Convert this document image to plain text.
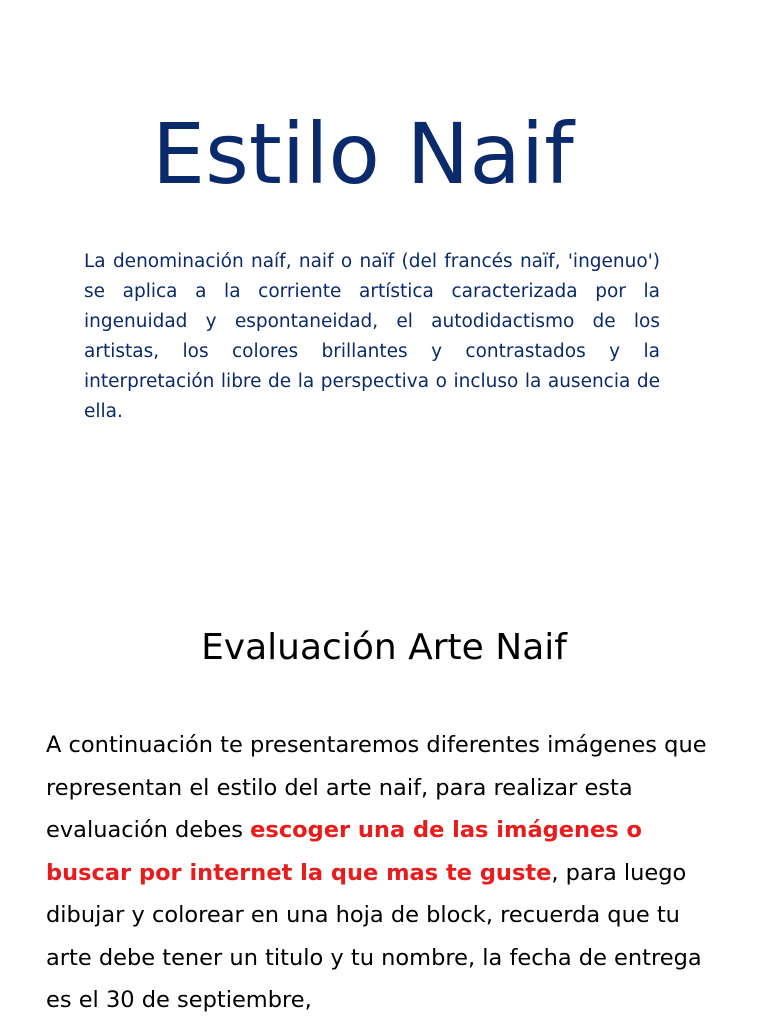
Estilo Naif

La denominación naíf, naif o naïf (del francés naïf, 'ingenuo') se aplica a la corriente artística caracterizada por la ingenuidad y espontaneidad, el autodidactismo de los artistas, los colores brillantes y contrastados y la interpretación libre de la perspectiva o incluso la ausencia de ella.

Evaluación Arte Naif

A continuación te presentaremos diferentes imágenes que representan el estilo del arte naif, para realizar esta evaluación debes escoger una de las imágenes o buscar por internet la que mas te guste, para luego dibujar y colorear en una hoja de block, recuerda que tu arte debe tener un titulo y tu nombre, la fecha de entrega es el 30 de septiembre,
